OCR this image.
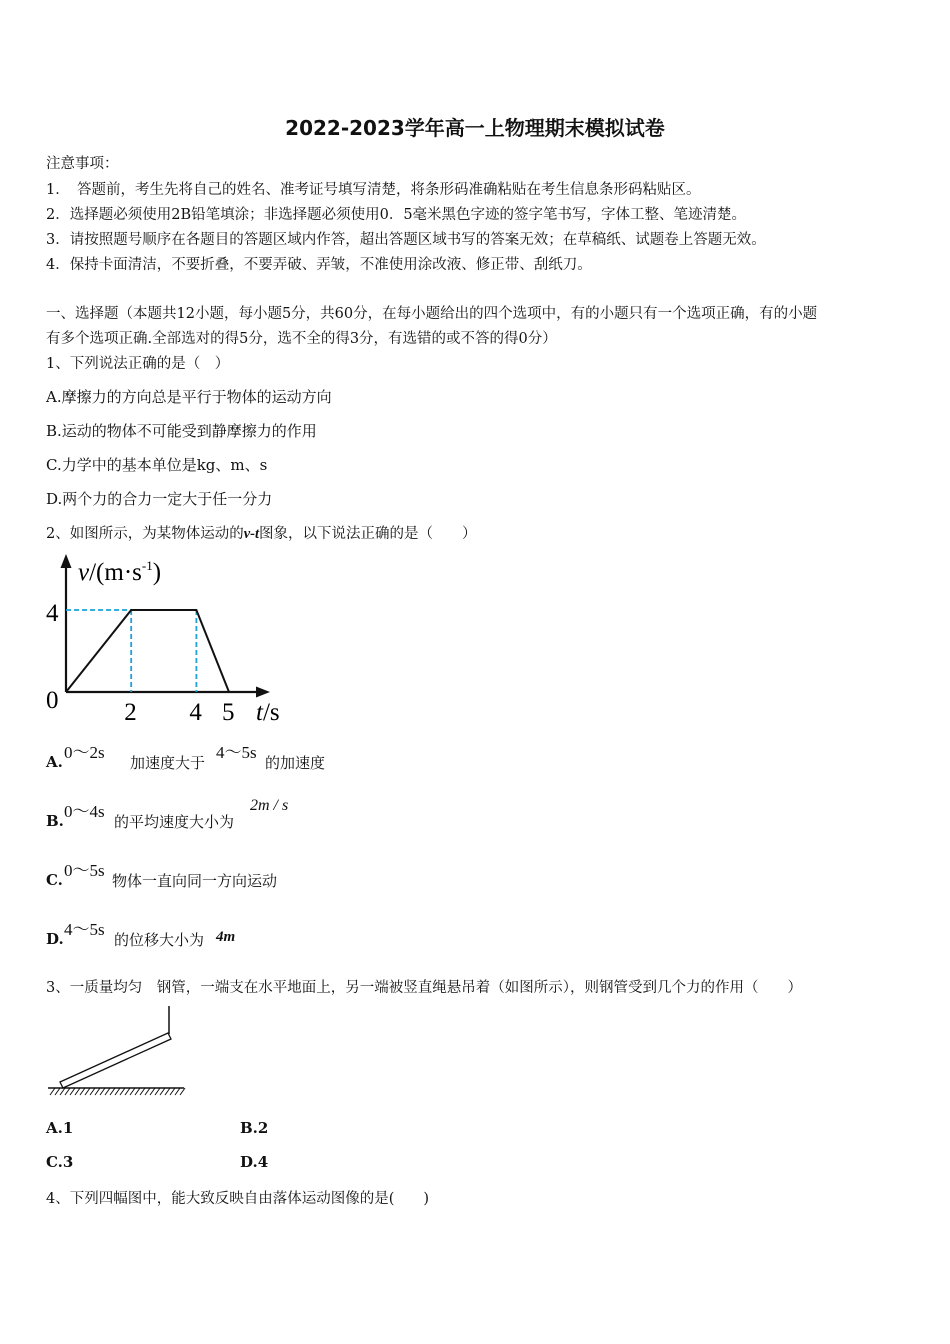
2022-2023学年高一上物理期末模拟试卷
注意事项：
1．　答题前，考生先将自己的姓名、准考证号填写清楚，将条形码准确粘贴在考生信息条形码粘贴区。
2．选择题必须使用2B铅笔填涂；非选择题必须使用0．5毫米黑色字迹的签字笔书写，字体工整、笔迹清楚。
3．请按照题号顺序在各题目的答题区域内作答，超出答题区域书写的答案无效；在草稿纸、试题卷上答题无效。
4．保持卡面清洁，不要折叠，不要弄破、弄皱，不准使用涂改液、修正带、刮纸刀。
一、选择题（本题共12小题，每小题5分，共60分，在每小题给出的四个选项中，有的小题只有一个选项正确，有的小题
有多个选项正确.全部选对的得5分，选不全的得3分，有选错的或不答的得0分）
1、下列说法正确的是（　）
A.摩擦力的方向总是平行于物体的运动方向
B.运动的物体不可能受到静摩擦力的作用
C.力学中的基本单位是kg、m、s
D.两个力的合力一定大于任一分力
2、如图所示，为某物体运动的v-t图象，以下说法正确的是（　　）
$v/(m\cdot s^{-1})$
4
0	2 4 5 t/s
A. 0～2s
加速度大于
4～5s
的加速度
B. 0～4s
的平均速度大小为
2m / s
C. 0～5s
物体一直向同一方向运动
D. 4～5s
的位移大小为 4m
3、一质量均匀　钢管，一端支在水平地面上，另一端被竖直绳悬吊着（如图所示），则钢管受到几个力的作用（　　）
A.1	B.2
C.3	D.4
4、下列四幅图中，能大致反映自由落体运动图像的是(　　)
